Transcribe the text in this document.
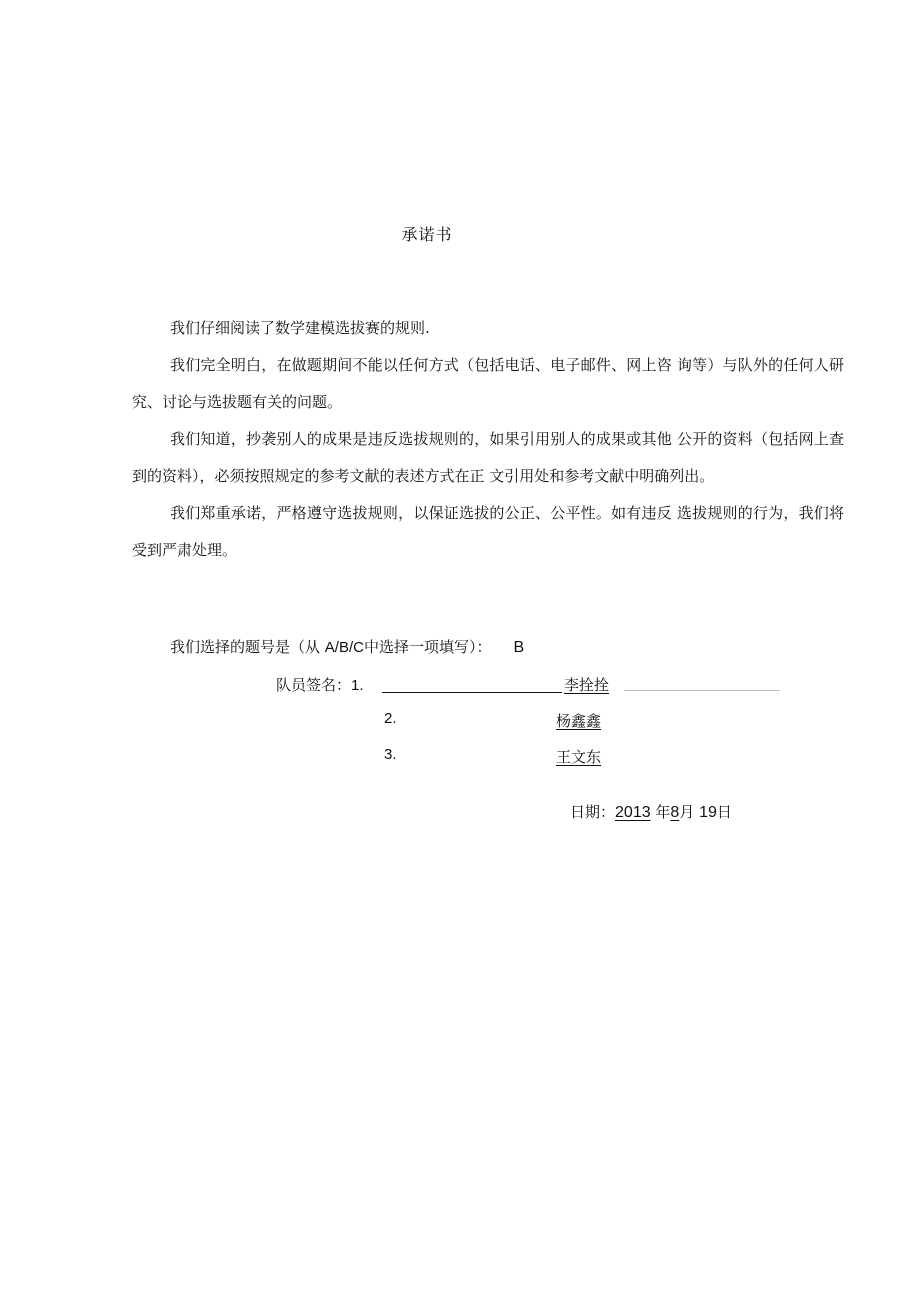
承诺书

我们仔细阅读了数学建模选拔赛的规则.

我们完全明白，在做题期间不能以任何方式（包括电话、电子邮件、网上咨 询等）与队外的任何人研究、讨论与选拔题有关的问题。

我们知道，抄袭别人的成果是违反选拔规则的，如果引用别人的成果或其他 公开的资料（包括网上查到的资料），必须按照规定的参考文献的表述方式在正 文引用处和参考文献中明确列出。

我们郑重承诺，严格遵守选拔规则，以保证选拔的公正、公平性。如有违反 选拔规则的行为，我们将受到严肃处理。

我们选择的题号是（从 A/B/C中选择一项填写）： B
队员签名：1.	李拴拴
2.	杨鑫鑫
3.	王文东
日期：2013 年8月 19日
